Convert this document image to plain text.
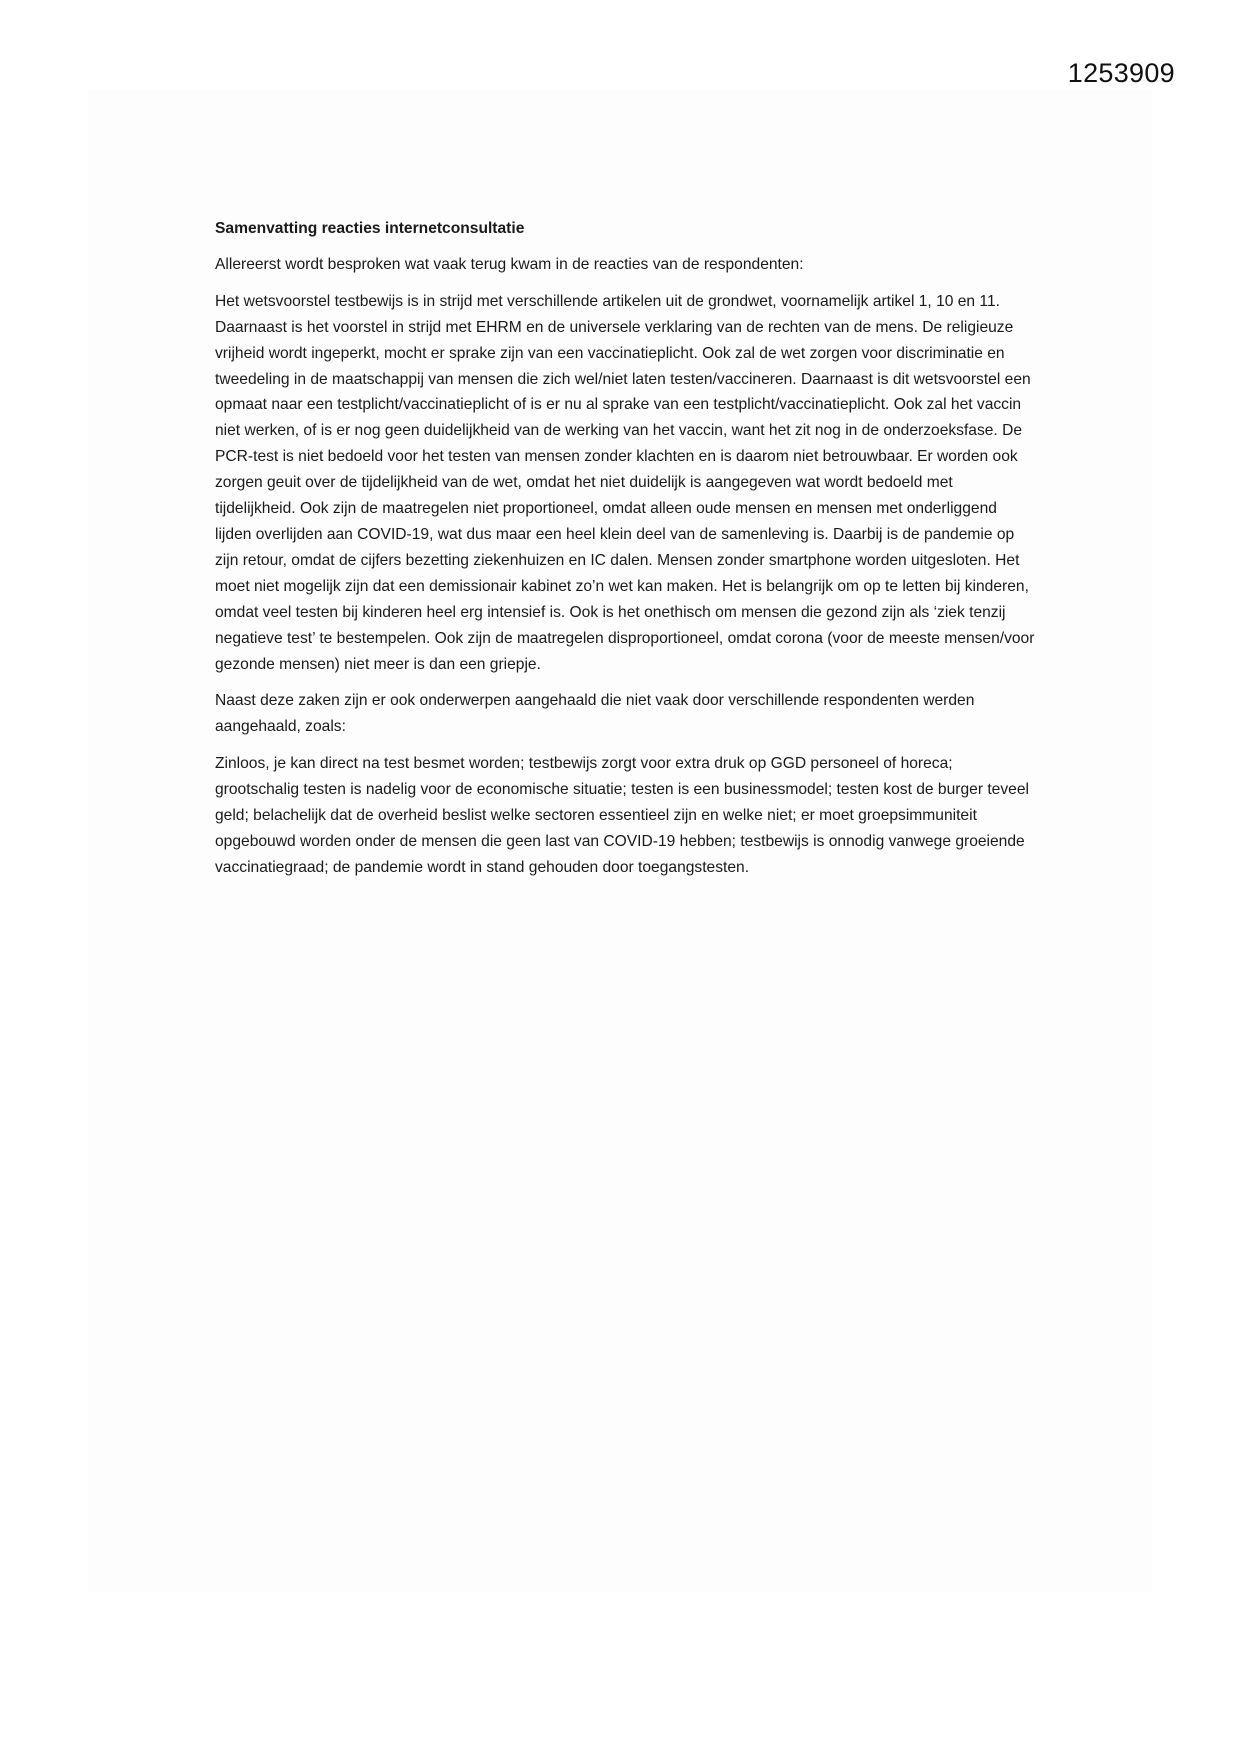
1253909
Samenvatting reacties internetconsultatie

Allereerst wordt besproken wat vaak terug kwam in de reacties van de respondenten:

Het wetsvoorstel testbewijs is in strijd met verschillende artikelen uit de grondwet, voornamelijk artikel 1, 10 en 11. Daarnaast is het voorstel in strijd met EHRM en de universele verklaring van de rechten van de mens. De religieuze vrijheid wordt ingeperkt, mocht er sprake zijn van een vaccinatieplicht. Ook zal de wet zorgen voor discriminatie en tweedeling in de maatschappij van mensen die zich wel/niet laten testen/vaccineren. Daarnaast is dit wetsvoorstel een opmaat naar een testplicht/vaccinatieplicht of is er nu al sprake van een testplicht/vaccinatieplicht. Ook zal het vaccin niet werken, of is er nog geen duidelijkheid van de werking van het vaccin, want het zit nog in de onderzoeksfase. De PCR-test is niet bedoeld voor het testen van mensen zonder klachten en is daarom niet betrouwbaar. Er worden ook zorgen geuit over de tijdelijkheid van de wet, omdat het niet duidelijk is aangegeven wat wordt bedoeld met tijdelijkheid. Ook zijn de maatregelen niet proportioneel, omdat alleen oude mensen en mensen met onderliggend lijden overlijden aan COVID-19, wat dus maar een heel klein deel van de samenleving is. Daarbij is de pandemie op zijn retour, omdat de cijfers bezetting ziekenhuizen en IC dalen. Mensen zonder smartphone worden uitgesloten. Het moet niet mogelijk zijn dat een demissionair kabinet zo’n wet kan maken. Het is belangrijk om op te letten bij kinderen, omdat veel testen bij kinderen heel erg intensief is. Ook is het onethisch om mensen die gezond zijn als ‘ziek tenzij negatieve test’ te bestempelen. Ook zijn de maatregelen disproportioneel, omdat corona (voor de meeste mensen/voor gezonde mensen) niet meer is dan een griepje.

Naast deze zaken zijn er ook onderwerpen aangehaald die niet vaak door verschillende respondenten werden aangehaald, zoals:

Zinloos, je kan direct na test besmet worden; testbewijs zorgt voor extra druk op GGD personeel of horeca; grootschalig testen is nadelig voor de economische situatie; testen is een businessmodel; testen kost de burger teveel geld; belachelijk dat de overheid beslist welke sectoren essentieel zijn en welke niet; er moet groepsimmuniteit opgebouwd worden onder de mensen die geen last van COVID-19 hebben; testbewijs is onnodig vanwege groeiende vaccinatiegraad; de pandemie wordt in stand gehouden door toegangstesten.
